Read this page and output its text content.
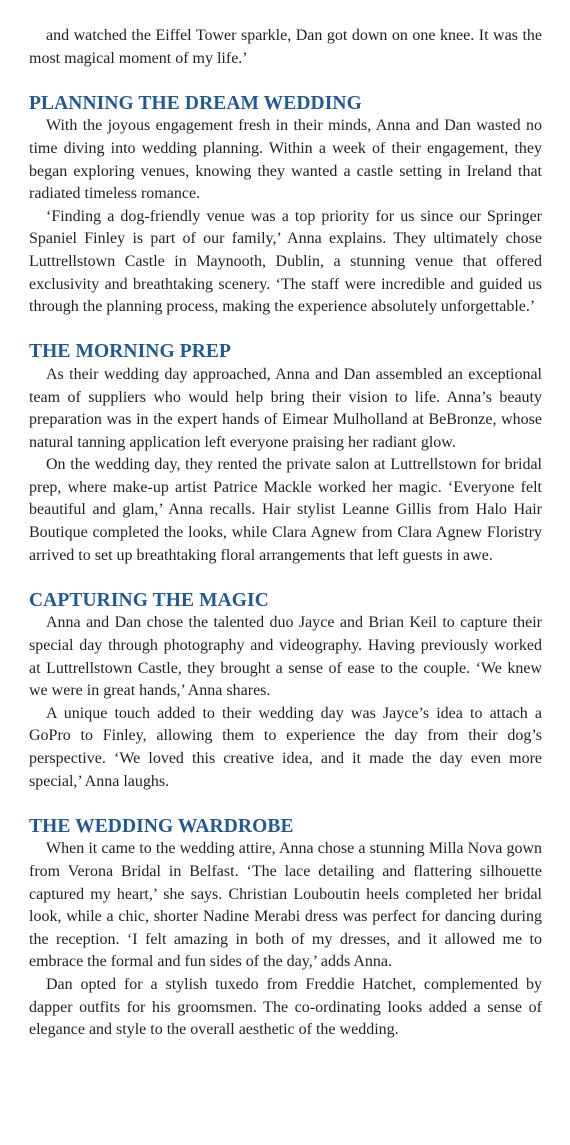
and watched the Eiffel Tower sparkle, Dan got down on one knee. It was the most magical moment of my life.’

PLANNING THE DREAM WEDDING

With the joyous engagement fresh in their minds, Anna and Dan wasted no time diving into wedding planning. Within a week of their engagement, they began exploring venues, knowing they wanted a castle setting in Ireland that radiated timeless romance.

‘Finding a dog-friendly venue was a top priority for us since our Springer Spaniel Finley is part of our family,’ Anna explains. They ultimately chose Luttrellstown Castle in Maynooth, Dublin, a stunning venue that offered exclusivity and breathtaking scenery. ‘The staff were incredible and guided us through the planning process, making the experience absolutely unforgettable.’

THE MORNING PREP

As their wedding day approached, Anna and Dan assembled an exceptional team of suppliers who would help bring their vision to life. Anna’s beauty preparation was in the expert hands of Eimear Mulholland at BeBronze, whose natural tanning application left everyone praising her radiant glow.

On the wedding day, they rented the private salon at Luttrellstown for bridal prep, where make-up artist Patrice Mackle worked her magic. ‘Everyone felt beautiful and glam,’ Anna recalls. Hair stylist Leanne Gillis from Halo Hair Boutique completed the looks, while Clara Agnew from Clara Agnew Floristry arrived to set up breathtaking floral arrangements that left guests in awe.

CAPTURING THE MAGIC

Anna and Dan chose the talented duo Jayce and Brian Keil to capture their special day through photography and videography. Having previously worked at Luttrellstown Castle, they brought a sense of ease to the couple. ‘We knew we were in great hands,’ Anna shares.

A unique touch added to their wedding day was Jayce’s idea to attach a GoPro to Finley, allowing them to experience the day from their dog’s perspective. ‘We loved this creative idea, and it made the day even more special,’ Anna laughs.

THE WEDDING WARDROBE

When it came to the wedding attire, Anna chose a stunning Milla Nova gown from Verona Bridal in Belfast. ‘The lace detailing and flattering silhouette captured my heart,’ she says. Christian Louboutin heels completed her bridal look, while a chic, shorter Nadine Merabi dress was perfect for dancing during the reception. ‘I felt amazing in both of my dresses, and it allowed me to embrace the formal and fun sides of the day,’ adds Anna.

Dan opted for a stylish tuxedo from Freddie Hatchet, complemented by dapper outfits for his groomsmen. The co-ordinating looks added a sense of elegance and style to the overall aesthetic of the wedding.
